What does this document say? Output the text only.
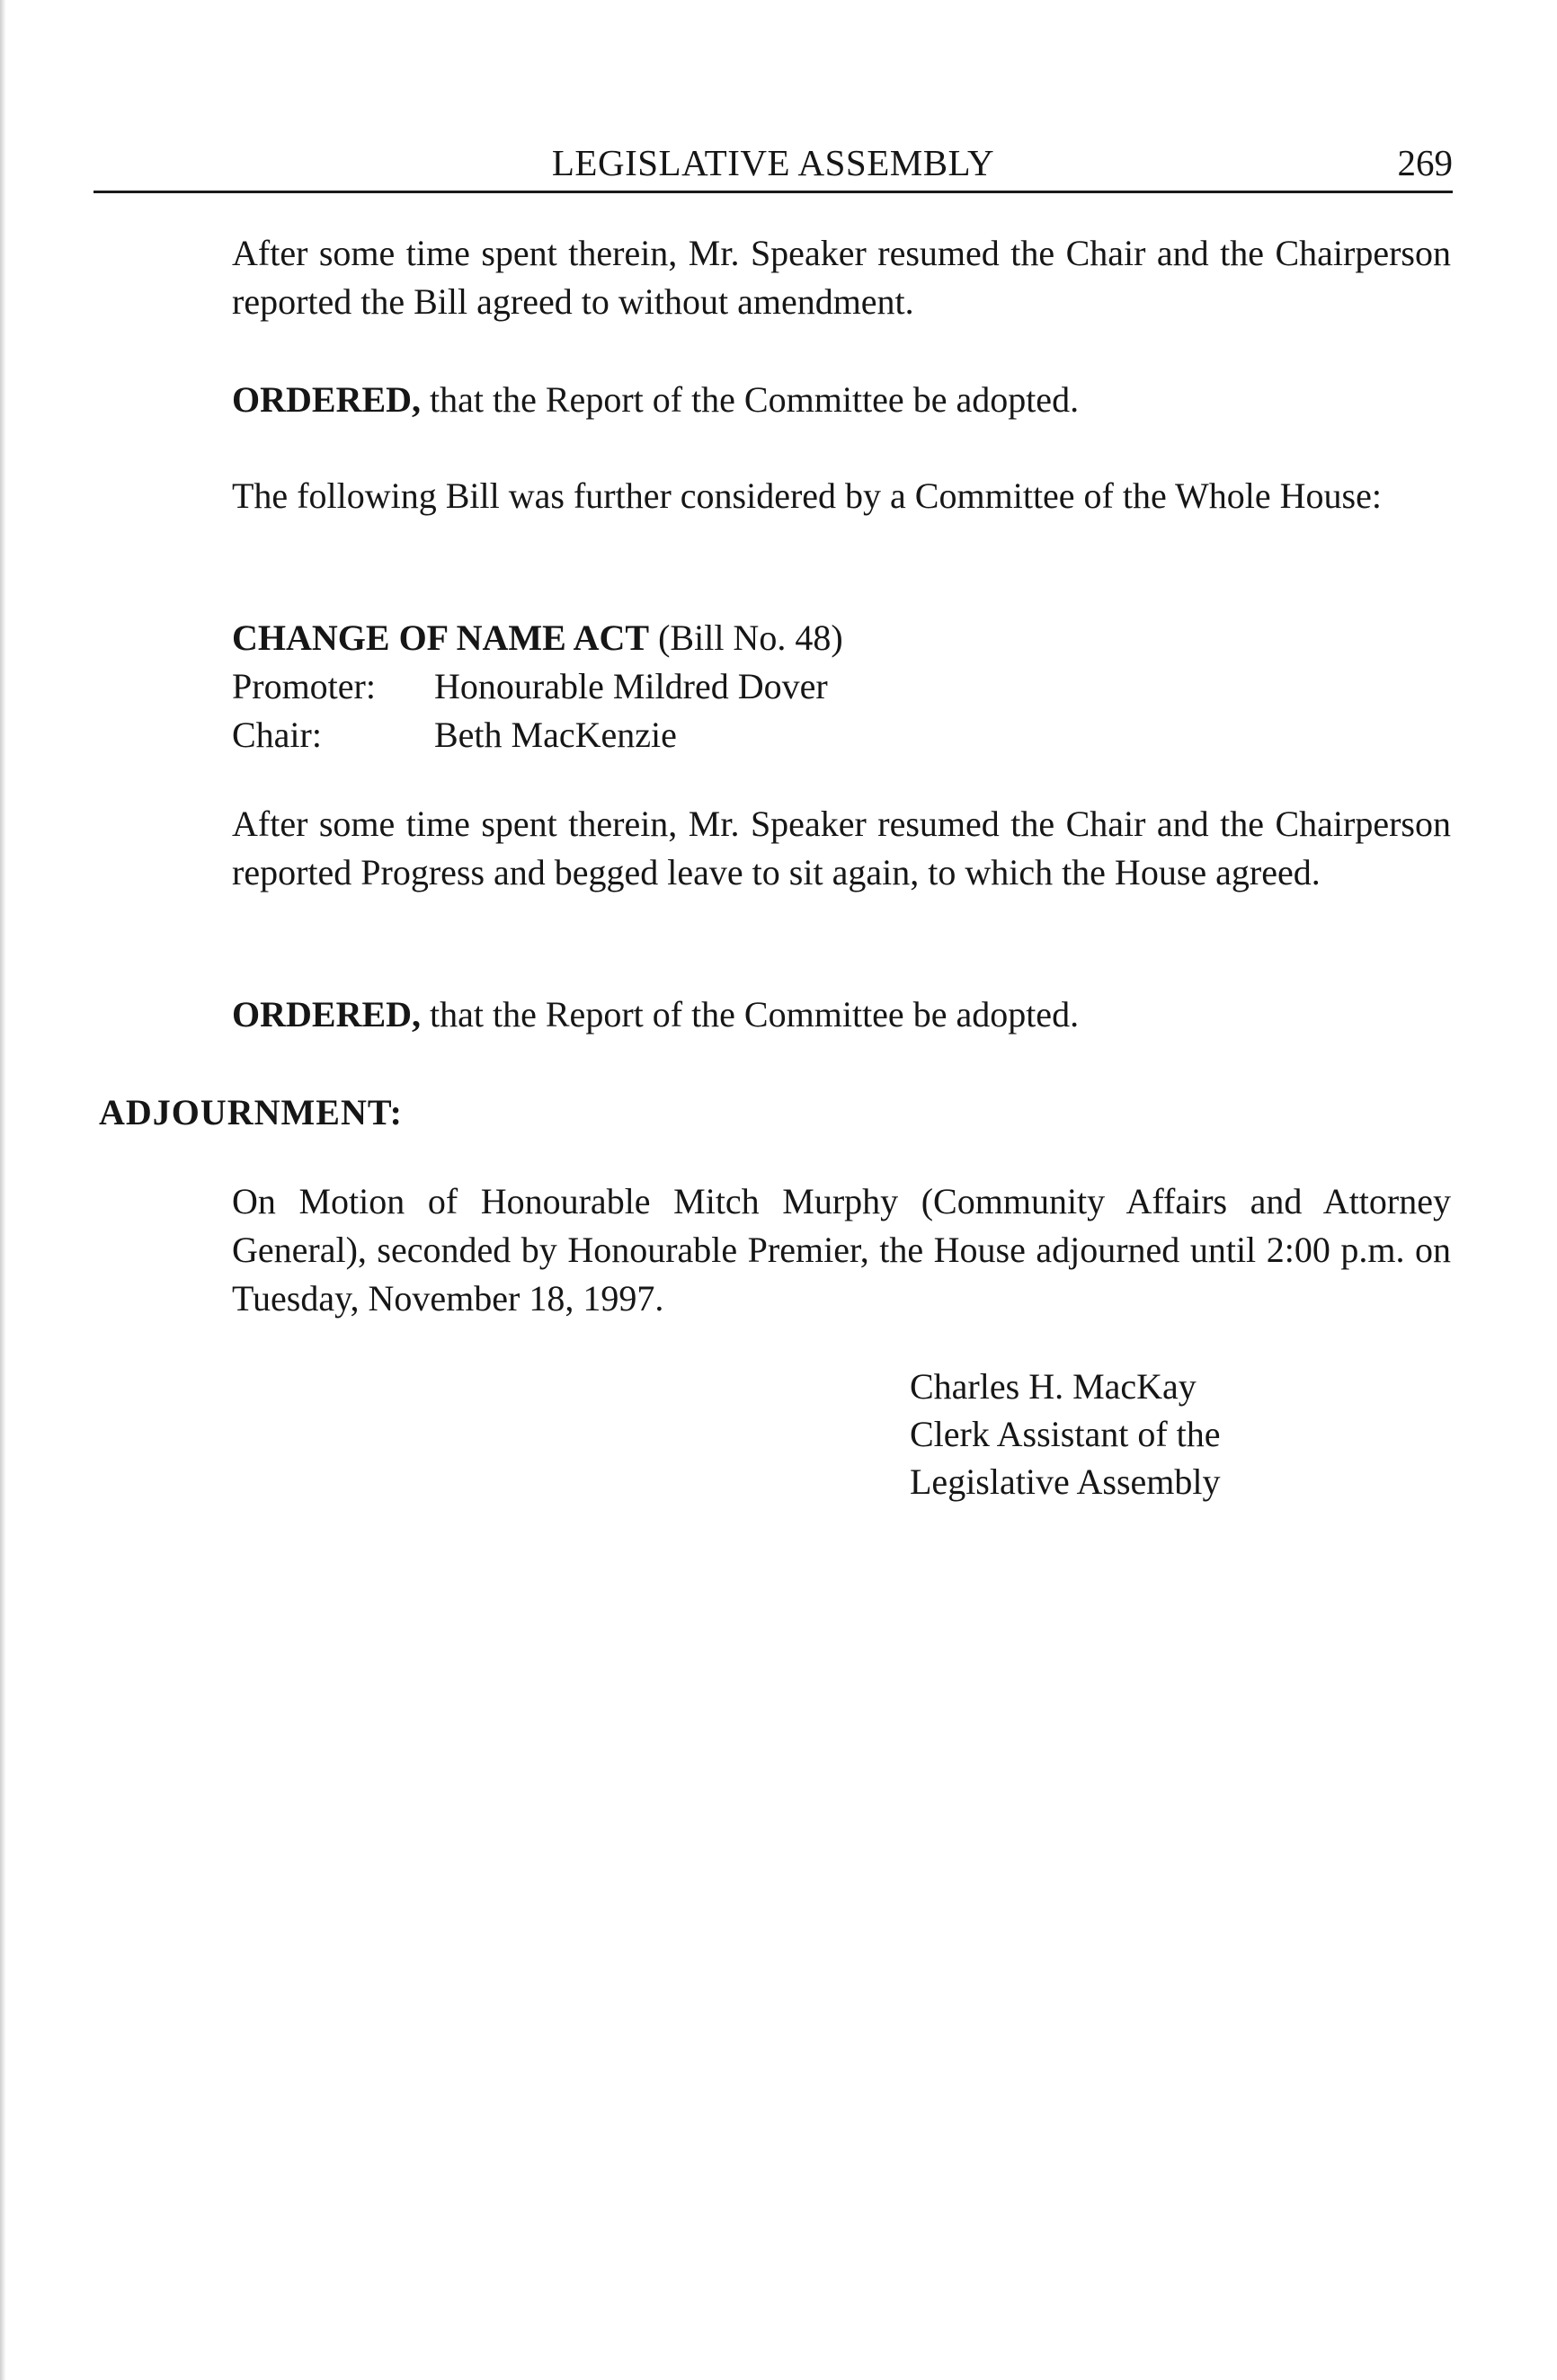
LEGISLATIVE ASSEMBLY	269

After some time spent therein, Mr. Speaker resumed the Chair and the Chairperson reported the Bill agreed to without amendment.

ORDERED, that the Report of the Committee be adopted.

The following Bill was further considered by a Committee of the Whole House:

CHANGE OF NAME ACT (Bill No. 48)
Promoter:	Honourable Mildred Dover
Chair:	Beth MacKenzie

After some time spent therein, Mr. Speaker resumed the Chair and the Chairperson reported Progress and begged leave to sit again, to which the House agreed.

ORDERED, that the Report of the Committee be adopted.

ADJOURNMENT:

On Motion of Honourable Mitch Murphy (Community Affairs and Attorney General), seconded by Honourable Premier, the House adjourned until 2:00 p.m. on Tuesday, November 18, 1997.

Charles H. MacKay
Clerk Assistant of the
Legislative Assembly
